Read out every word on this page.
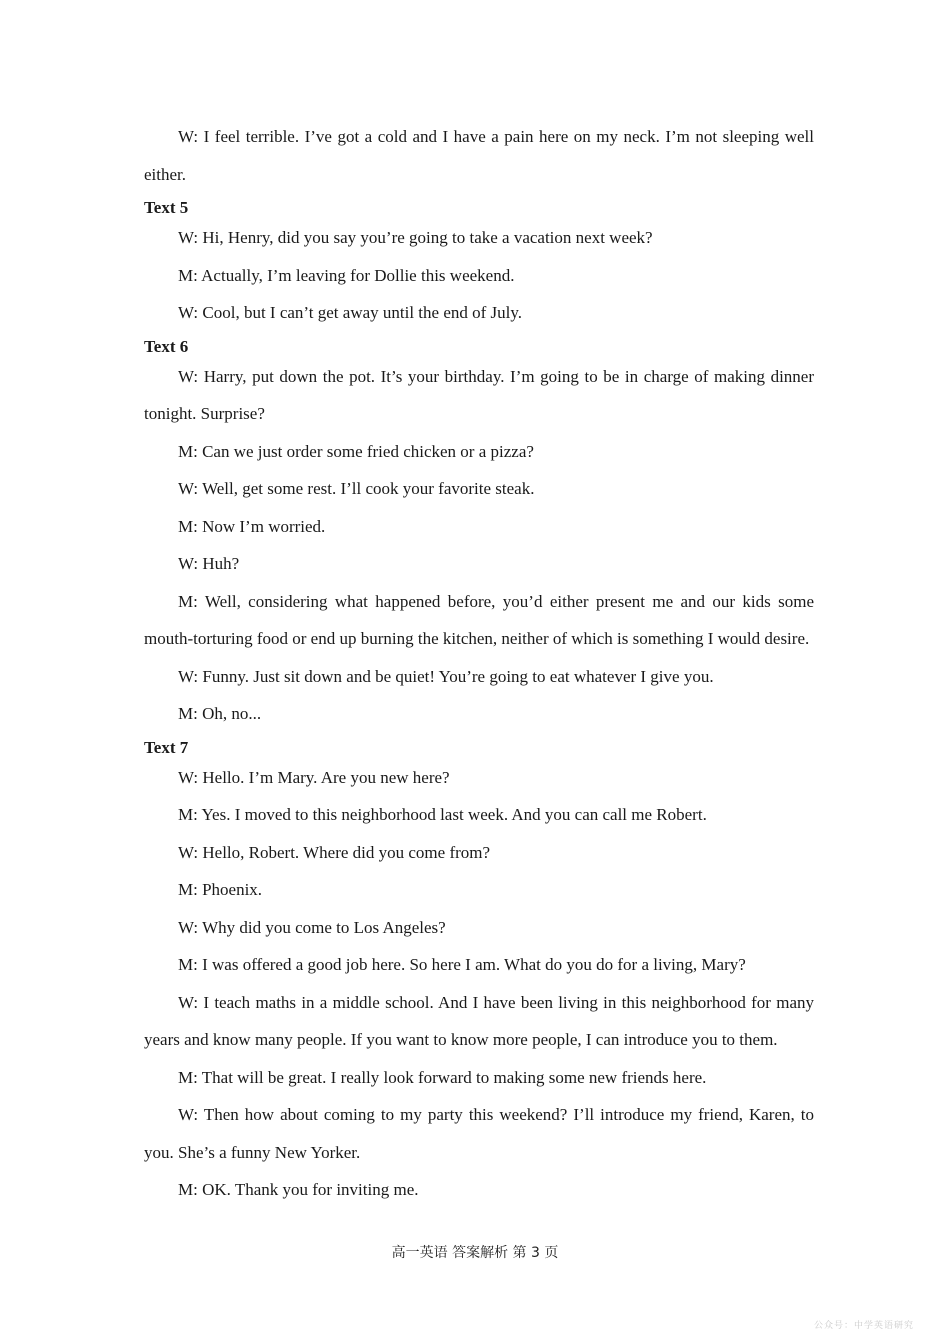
W: I feel terrible. I’ve got a cold and I have a pain here on my neck. I’m not sleeping well either.

Text 5

W: Hi, Henry, did you say you’re going to take a vacation next week?

M: Actually, I’m leaving for Dollie this weekend.

W: Cool, but I can’t get away until the end of July.

Text 6

W: Harry, put down the pot. It’s your birthday. I’m going to be in charge of making dinner tonight. Surprise?

M: Can we just order some fried chicken or a pizza?

W: Well, get some rest. I’ll cook your favorite steak.

M: Now I’m worried.

W: Huh?

M: Well, considering what happened before, you’d either present me and our kids some mouth-torturing food or end up burning the kitchen, neither of which is something I would desire.

W: Funny. Just sit down and be quiet! You’re going to eat whatever I give you.

M: Oh, no...

Text 7

W: Hello. I’m Mary. Are you new here?

M: Yes. I moved to this neighborhood last week. And you can call me Robert.

W: Hello, Robert. Where did you come from?

M: Phoenix.

W: Why did you come to Los Angeles?

M: I was offered a good job here. So here I am. What do you do for a living, Mary?

W: I teach maths in a middle school. And I have been living in this neighborhood for many years and know many people. If you want to know more people, I can introduce you to them.

M: That will be great. I really look forward to making some new friends here.

W: Then how about coming to my party this weekend? I’ll introduce my friend, Karen, to you. She’s a funny New Yorker.

M: OK. Thank you for inviting me.

高一英语 答案解析 第 3 页
公众号：中学英语研究
